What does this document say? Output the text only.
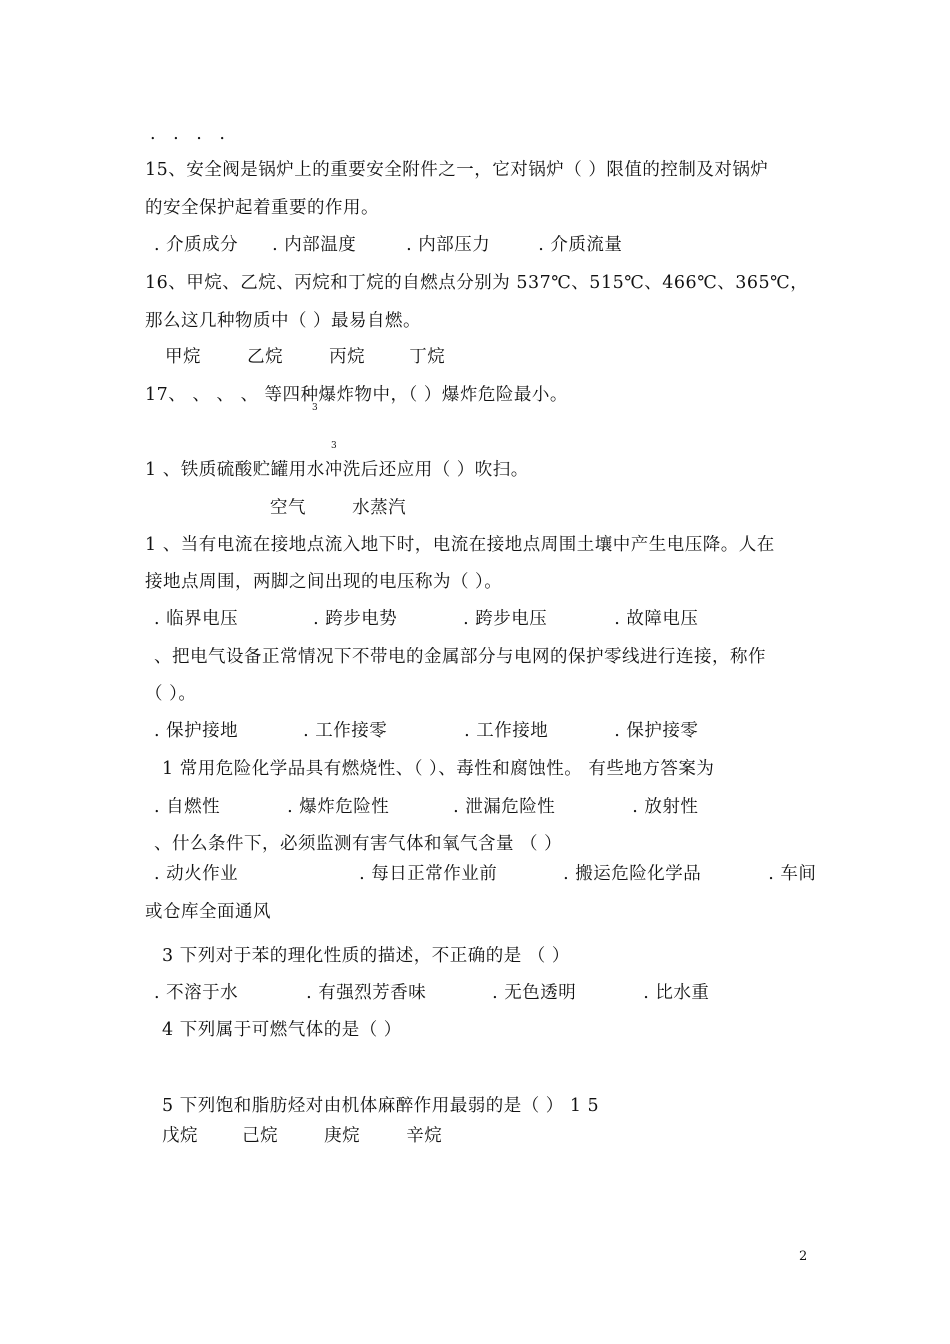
. . . .
15、安全阀是锅炉上的重要安全附件之一，它对锅炉（ ）限值的控制及对锅炉
的安全保护起着重要的作用。
. 介质成分 . 内部温度	. 内部压力	. 介质流量
16、甲烷、乙烷、丙烷和丁烷的自燃点分别为 537℃、515℃、466℃、365℃，
那么这几种物质中（ ）最易自燃。
甲烷	乙烷	丙烷	丁烷
17、 、 、 、 等四种爆炸物中，（ ）爆炸危险最小。
3
3
1 、铁质硫酸贮罐用水冲洗后还应用（ ）吹扫。
空气	水蒸汽
1 、当有电流在接地点流入地下时，电流在接地点周围土壤中产生电压降。人在
接地点周围，两脚之间出现的电压称为（ ）。
. 临界电压	. 跨步电势	. 跨步电压	. 故障电压
、把电气设备正常情况下不带电的金属部分与电网的保护零线进行连接，称作
（ ）。
. 保护接地	. 工作接零	. 工作接地	. 保护接零
1 常用危险化学品具有燃烧性、（ ）、毒性和腐蚀性。 有些地方答案为
. 自燃性	. 爆炸危险性	. 泄漏危险性	. 放射性
、什么条件下，必须监测有害气体和氧气含量 （ ）
. 动火作业	. 每日正常作业前	. 搬运危险化学品	. 车间
或仓库全面通风
3 下列对于苯的理化性质的描述，不正确的是 （ ）
. 不溶于水	. 有强烈芳香味	. 无色透明	. 比水重
4 下列属于可燃气体的是（ ）
5 下列饱和脂肪烃对由机体麻醉作用最弱的是（ ） 1 5
戊烷	己烷	庚烷	辛烷
2
